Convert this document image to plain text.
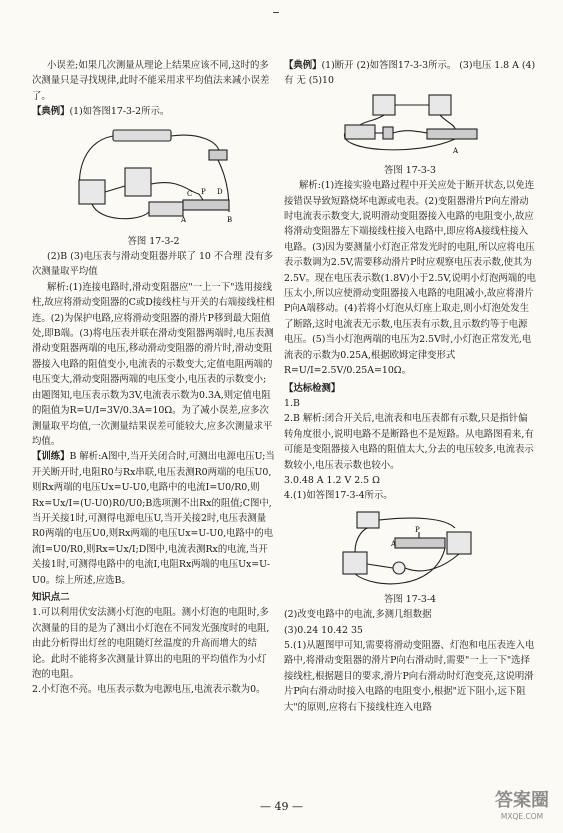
小误差;如果几次测量从理论上结果应该不同,这时的多次测量只是寻找规律,此时不能采用求平均值法来减小误差了。

【典例】(1)如答图17-3-2所示。

C P D
A	B

答图 17-3-2

(2)B (3)电压表与滑动变阻器并联了 10 不合理 没有多次测量取平均值

解析:(1)连接电路时,滑动变阻器应"一上一下"选用接线柱,故应将滑动变阻器的C或D接线柱与开关的右端接线柱相连。(2)为保护电路,应将滑动变阻器的滑片P移到最大阻值处,即B端。(3)将电压表并联在滑动变阻器两端时,电压表测滑动变阻器两端的电压,移动滑动变阻器的滑片时,滑动变阻器接入电路的阻值变小,电流表的示数变大,定值电阻两端的电压变大,滑动变阻器两端的电压变小,电压表的示数变小;由题图知,电压表示数为3V,电流表示数为0.3A,则定值电阻的阻值为R=U/I=3V/0.3A=10Ω。为了减小误差,应多次测量取平均值,一次测量结果误差可能较大,应多次测量求平均值。

【训练】B 解析:A图中,当开关闭合时,可测出电源电压U;当开关断开时,电阻R0与Rx串联,电压表测R0两端的电压U0,则Rx两端的电压Ux=U-U0,电路中的电流I=U0/R0,则Rx=Ux/I=(U-U0)R0/U0;B选项测不出Rx的阻值;C图中,当开关接1时,可测得电源电压U,当开关接2时,电压表测量R0两端的电压U0,则Rx两端的电压Ux=U-U0,电路中的电流I=U0/R0,则Rx=Ux/I;D图中,电流表测Rx的电流,当开关接1时,可测得电路中的电流I,电阻Rx两端的电压Ux=U-U0。综上所述,应选B。

知识点二

1.可以利用伏安法测小灯泡的电阻。测小灯泡的电阻时,多次测量的目的是为了测出小灯泡在不同发光强度时的电阻,由此分析得出灯丝的电阻随灯丝温度的升高而增大的结论。此时不能将多次测量计算出的电阻的平均值作为小灯泡的电阻。

2.小灯泡不亮。电压表示数为电源电压,电流表示数为0。

【典例】(1)断开 (2)如答图17-3-3所示。 (3)电压 1.8 A (4)有 无 (5)10

A

答图 17-3-3

解析:(1)连接实验电路过程中开关应处于断开状态,以免连接错误导致短路烧坏电源或电表。(2)变阻器滑片P向左滑动时电流表示数变大,说明滑动变阻器接入电路的电阻变小,故应将滑动变阻器左下端接线柱接入电路中,即应将A接线柱接入电路。(3)因为要测量小灯泡正常发光时的电阻,所以应将电压表示数调为2.5V,需要移动滑片P时应观察电压表示数,使其为2.5V。现在电压表示数(1.8V)小于2.5V,说明小灯泡两端的电压太小,所以应使滑动变阻器接入电路的电阻减小,故应将滑片P向A端移动。(4)若将小灯泡从灯座上取走,则小灯泡处发生了断路,这时电流表无示数,电压表有示数,且示数约等于电源电压。(5)当小灯泡两端的电压为2.5V时,小灯泡正常发光,电流表的示数为0.25A,根据欧姆定律变形式R=U/I=2.5V/0.25A=10Ω。

【达标检测】

1.B

2.B 解析:闭合开关后,电流表和电压表都有示数,只是指针偏转角度很小,说明电路不是断路也不是短路。从电路图看来,有可能是变阻器接入电路的阻值太大,分去的电压较多,电流表示数较小,电压表示数也较小。

3.0.48 A 1.2 V 2.5 Ω

4.(1)如答图17-3-4所示。

P
A

答图 17-3-4

(2)改变电路中的电流,多测几组数据

(3)0.24 10.42 35

5.(1)从题图甲可知,需要将滑动变阻器、灯泡和电压表连入电路中,将滑动变阻器的滑片P向右滑动时,需要"一上一下"选择接线柱,根据题目的要求,滑片P向右滑动时灯泡变亮,这说明滑片P向右滑动时接入电路的电阻变小,根据"近下阻小,远下阻大"的原则,应将右下接线柱连入电路

— 49 —	答案圈
MXQE.COM
